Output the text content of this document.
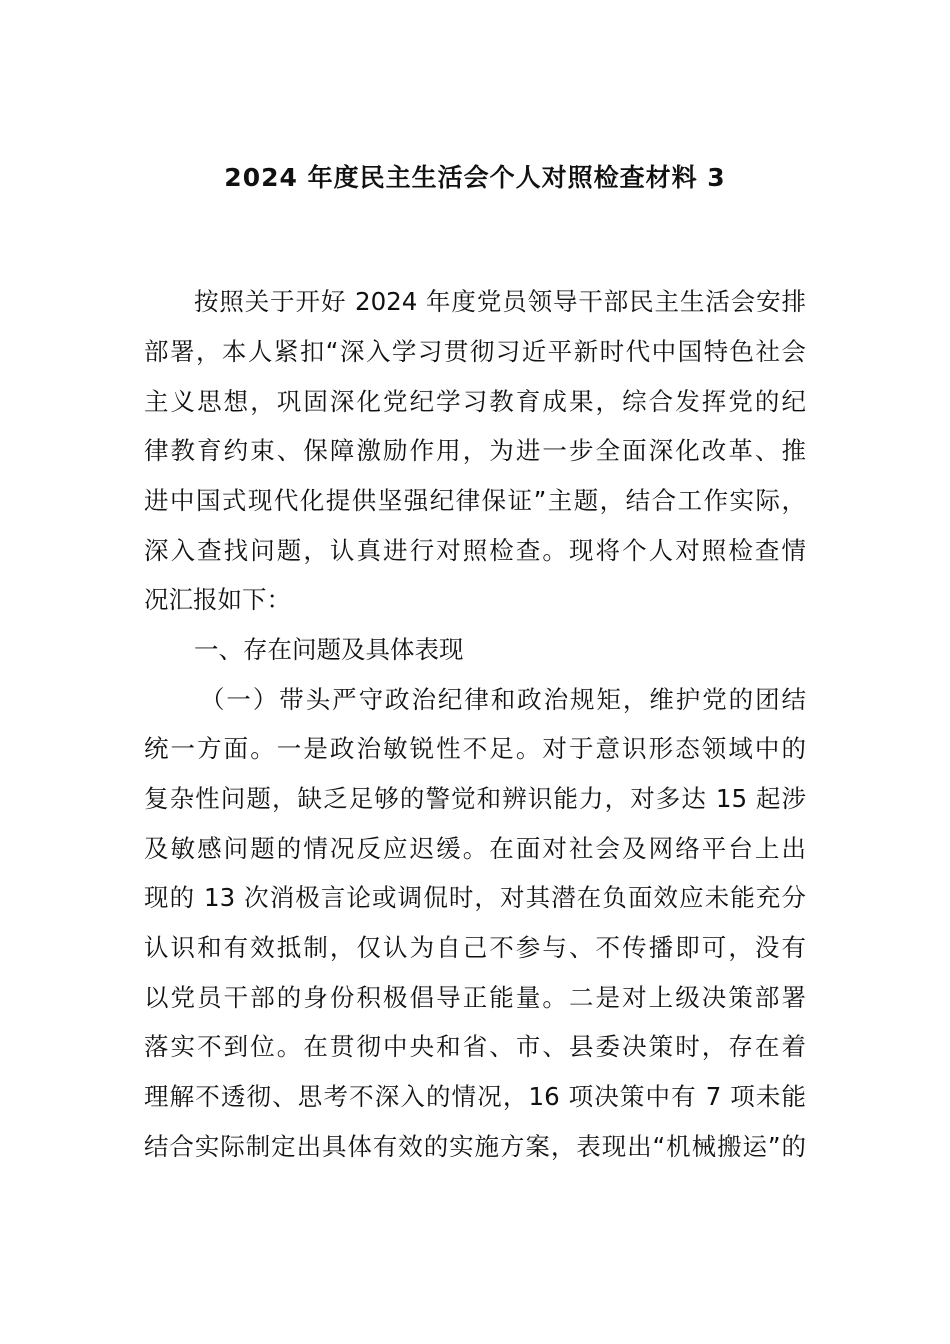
2024 年度民主生活会个人对照检查材料 3
按照关于开好 2024 年度党员领导干部民主生活会安排
部署，本人紧扣“深入学习贯彻习近平新时代中国特色社会
主义思想，巩固深化党纪学习教育成果，综合发挥党的纪
律教育约束、保障激励作用，为进一步全面深化改革、推
进中国式现代化提供坚强纪律保证”主题，结合工作实际，
深入查找问题，认真进行对照检查。现将个人对照检查情
况汇报如下：
一、存在问题及具体表现
（一）带头严守政治纪律和政治规矩，维护党的团结
统一方面。一是政治敏锐性不足。对于意识形态领域中的
复杂性问题，缺乏足够的警觉和辨识能力，对多达 15 起涉
及敏感问题的情况反应迟缓。在面对社会及网络平台上出
现的 13 次消极言论或调侃时，对其潜在负面效应未能充分
认识和有效抵制，仅认为自己不参与、不传播即可，没有
以党员干部的身份积极倡导正能量。二是对上级决策部署
落实不到位。在贯彻中央和省、市、县委决策时，存在着
理解不透彻、思考不深入的情况，16 项决策中有 7 项未能
结合实际制定出具体有效的实施方案，表现出“机械搬运”的
